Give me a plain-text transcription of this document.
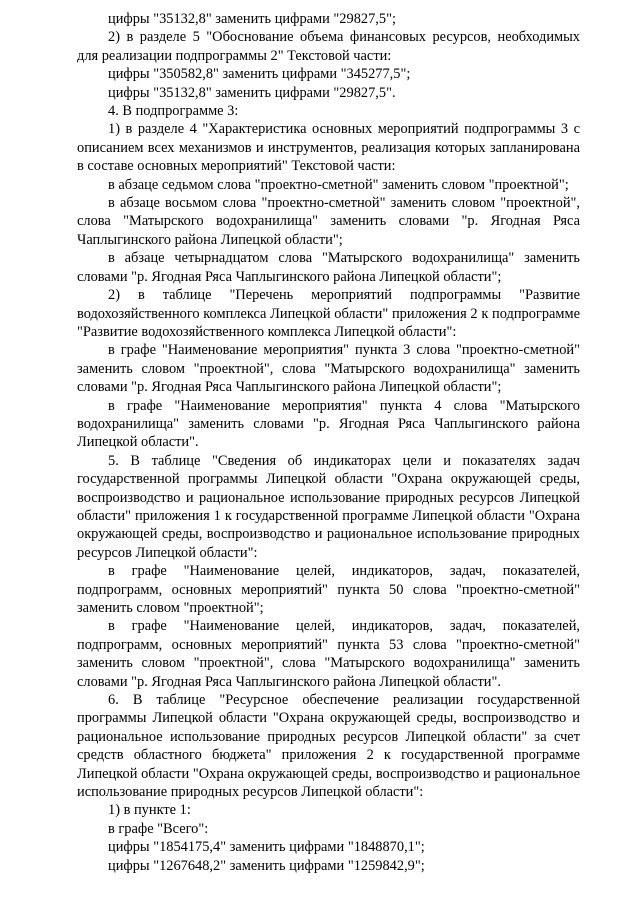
цифры "35132,8" заменить цифрами "29827,5";

2) в разделе 5 "Обоснование объема финансовых ресурсов, необходимых для реализации подпрограммы 2" Текстовой части:

цифры "350582,8" заменить цифрами "345277,5";

цифры "35132,8" заменить цифрами "29827,5".

4. В подпрограмме 3:

1) в разделе 4 "Характеристика основных мероприятий подпрограммы 3 с описанием всех механизмов и инструментов, реализация которых запланирована в составе основных мероприятий" Текстовой части:

в абзаце седьмом слова "проектно-сметной" заменить словом "проектной";

в абзаце восьмом слова "проектно-сметной" заменить словом "проектной", слова "Матырского водохранилища" заменить словами "р. Ягодная Ряса Чаплыгинского района Липецкой области";

в абзаце четырнадцатом слова "Матырского водохранилища" заменить словами "р. Ягодная Ряса Чаплыгинского района Липецкой области";

2) в таблице "Перечень мероприятий подпрограммы "Развитие водохозяйственного комплекса Липецкой области" приложения 2 к подпрограмме "Развитие водохозяйственного комплекса Липецкой области":

в графе "Наименование мероприятия" пункта 3 слова "проектно-сметной" заменить словом "проектной", слова "Матырского водохранилища" заменить словами "р. Ягодная Ряса Чаплыгинского района Липецкой области";

в графе "Наименование мероприятия" пункта 4 слова "Матырского водохранилища" заменить словами "р. Ягодная Ряса Чаплыгинского района Липецкой области".

5. В таблице "Сведения об индикаторах цели и показателях задач государственной программы Липецкой области "Охрана окружающей среды, воспроизводство и рациональное использование природных ресурсов Липецкой области" приложения 1 к государственной программе Липецкой области "Охрана окружающей среды, воспроизводство и рациональное использование природных ресурсов Липецкой области":

в графе "Наименование целей, индикаторов, задач, показателей, подпрограмм, основных мероприятий" пункта 50 слова "проектно-сметной" заменить словом "проектной";

в графе "Наименование целей, индикаторов, задач, показателей, подпрограмм, основных мероприятий" пункта 53 слова "проектно-сметной" заменить словом "проектной", слова "Матырского водохранилища" заменить словами "р. Ягодная Ряса Чаплыгинского района Липецкой области".

6. В таблице "Ресурсное обеспечение реализации государственной программы Липецкой области "Охрана окружающей среды, воспроизводство и рациональное использование природных ресурсов Липецкой области" за счет средств областного бюджета" приложения 2 к государственной программе Липецкой области "Охрана окружающей среды, воспроизводство и рациональное использование природных ресурсов Липецкой области":

1) в пункте 1:

в графе "Всего":

цифры "1854175,4" заменить цифрами "1848870,1";

цифры "1267648,2" заменить цифрами "1259842,9";
